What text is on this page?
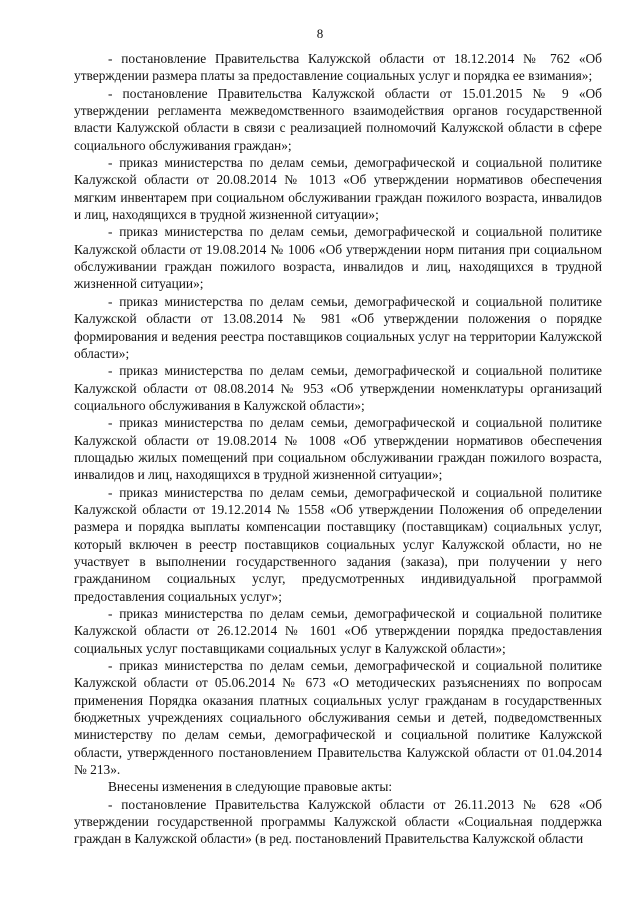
8

- постановление Правительства Калужской области от 18.12.2014 № 762 «Об утверждении размера платы за предоставление социальных услуг и порядка ее взимания»;

- постановление Правительства Калужской области от 15.01.2015 № 9 «Об утверждении регламента межведомственного взаимодействия органов государственной власти Калужской области в связи с реализацией полномочий Калужской области в сфере социального обслуживания граждан»;

- приказ министерства по делам семьи, демографической и социальной политике Калужской области от 20.08.2014 № 1013 «Об утверждении нормативов обеспечения мягким инвентарем при социальном обслуживании граждан пожилого возраста, инвалидов и лиц, находящихся в трудной жизненной ситуации»;

- приказ министерства по делам семьи, демографической и социальной политике Калужской области от 19.08.2014 № 1006 «Об утверждении норм питания при социальном обслуживании граждан пожилого возраста, инвалидов и лиц, находящихся в трудной жизненной ситуации»;

- приказ министерства по делам семьи, демографической и социальной политике Калужской области от 13.08.2014 № 981 «Об утверждении положения о порядке формирования и ведения реестра поставщиков социальных услуг на территории Калужской области»;

- приказ министерства по делам семьи, демографической и социальной политике Калужской области от 08.08.2014 № 953 «Об утверждении номенклатуры организаций социального обслуживания в Калужской области»;

- приказ министерства по делам семьи, демографической и социальной политике Калужской области от 19.08.2014 № 1008 «Об утверждении нормативов обеспечения площадью жилых помещений при социальном обслуживании граждан пожилого возраста, инвалидов и лиц, находящихся в трудной жизненной ситуации»;

- приказ министерства по делам семьи, демографической и социальной политике Калужской области от 19.12.2014 № 1558 «Об утверждении Положения об определении размера и порядка выплаты компенсации поставщику (поставщикам) социальных услуг, который включен в реестр поставщиков социальных услуг Калужской области, но не участвует в выполнении государственного задания (заказа), при получении у него гражданином социальных услуг, предусмотренных индивидуальной программой предоставления социальных услуг»;

- приказ министерства по делам семьи, демографической и социальной политике Калужской области от 26.12.2014 № 1601 «Об утверждении порядка предоставления социальных услуг поставщиками социальных услуг в Калужской области»;

- приказ министерства по делам семьи, демографической и социальной политике Калужской области от 05.06.2014 № 673 «О методических разъяснениях по вопросам применения Порядка оказания платных социальных услуг гражданам в государственных бюджетных учреждениях социального обслуживания семьи и детей, подведомственных министерству по делам семьи, демографической и социальной политике Калужской области, утвержденного постановлением Правительства Калужской области от 01.04.2014 № 213».

Внесены изменения в следующие правовые акты:

- постановление Правительства Калужской области от 26.11.2013 № 628 «Об утверждении государственной программы Калужской области «Социальная поддержка граждан в Калужской области» (в ред. постановлений Правительства Калужской области
